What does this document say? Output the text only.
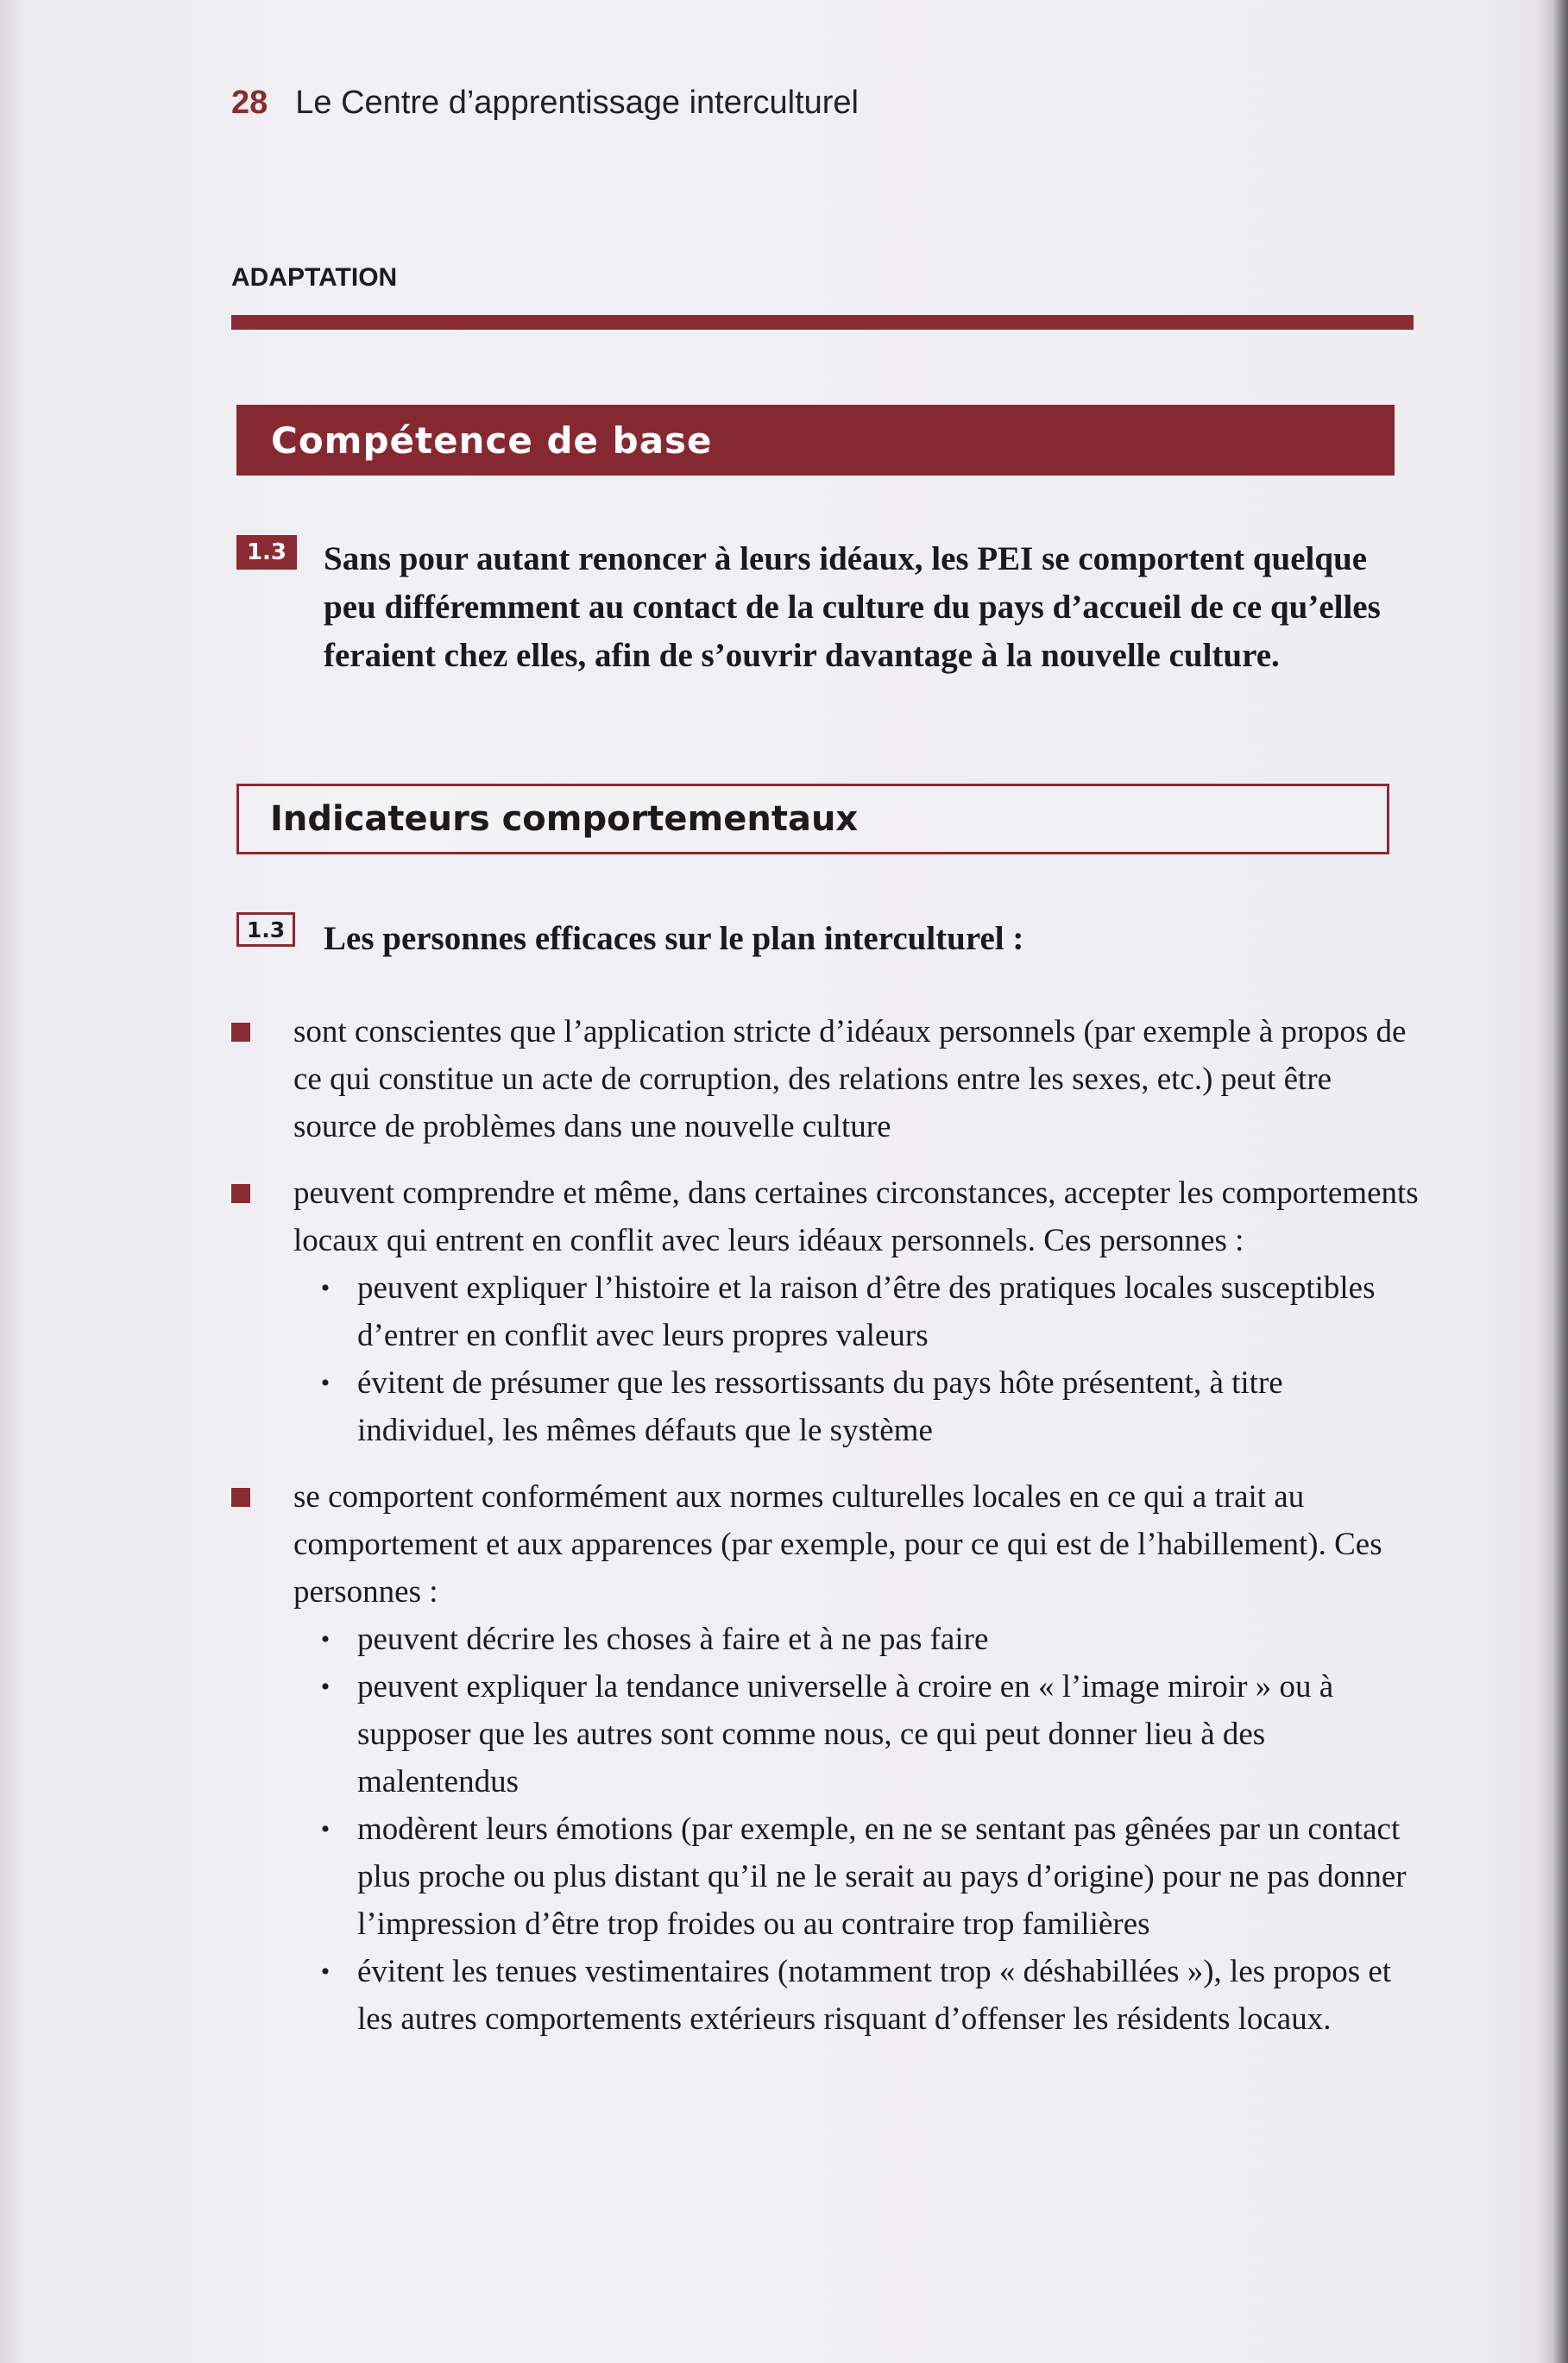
28 Le Centre d’apprentissage interculturel
ADAPTATION
Compétence de base
1.3	Sans pour autant renoncer à leurs idéaux, les PEI se comportent quelque peu différemment au contact de la culture du pays d’accueil de ce qu’elles feraient chez elles, afin de s’ouvrir davantage à la nouvelle culture.

Indicateurs comportementaux
1.3	Les personnes efficaces sur le plan interculturel :

sont conscientes que l’application stricte d’idéaux personnels (par exemple à propos de ce qui constitue un acte de corruption, des relations entre les sexes, etc.) peut être source de problèmes dans une nouvelle culture
peuvent comprendre et même, dans certaines circonstances, accepter les comportements locaux qui entrent en conflit avec leurs idéaux personnels. Ces personnes :
• peuvent expliquer l’histoire et la raison d’être des pratiques locales susceptibles d’entrer en conflit avec leurs propres valeurs
• évitent de présumer que les ressortissants du pays hôte présentent, à titre individuel, les mêmes défauts que le système
se comportent conformément aux normes culturelles locales en ce qui a trait au comportement et aux apparences (par exemple, pour ce qui est de l’habillement). Ces personnes :
• peuvent décrire les choses à faire et à ne pas faire
• peuvent expliquer la tendance universelle à croire en « l’image miroir » ou à supposer que les autres sont comme nous, ce qui peut donner lieu à des malentendus
• modèrent leurs émotions (par exemple, en ne se sentant pas gênées par un contact plus proche ou plus distant qu’il ne le serait au pays d’origine) pour ne pas donner l’impression d’être trop froides ou au contraire trop familières
• évitent les tenues vestimentaires (notamment trop « déshabillées »), les propos et les autres comportements extérieurs risquant d’offenser les résidents locaux.
